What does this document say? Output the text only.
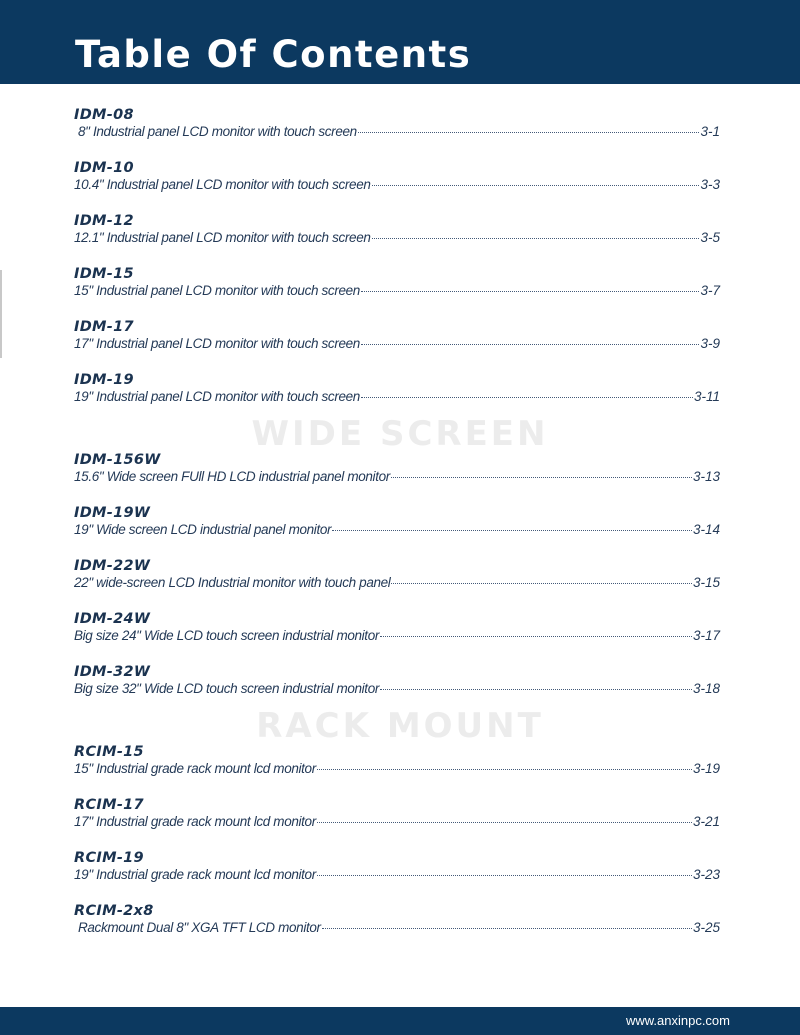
Table Of Contents
IDM-08
8" Industrial panel LCD monitor with touch screen	3-1
IDM-10
10.4" Industrial panel LCD monitor with touch screen	3-3
IDM-12
12.1" Industrial panel LCD monitor with touch screen	3-5
IDM-15
15" Industrial panel LCD monitor with touch screen	3-7
IDM-17
17" Industrial panel LCD monitor with touch screen	3-9
IDM-19
19" Industrial panel LCD monitor with touch screen	3-11
WIDE SCREEN
IDM-156W
15.6" Wide screen FUll HD LCD industrial panel monitor	3-13
IDM-19W
19" Wide screen LCD industrial panel monitor	3-14
IDM-22W
22" wide-screen LCD Industrial monitor with touch panel	3-15
IDM-24W
Big size 24" Wide LCD touch screen industrial monitor	3-17
IDM-32W
Big size 32" Wide LCD touch screen industrial monitor	3-18
RACK MOUNT
RCIM-15
15" Industrial grade rack mount lcd monitor	3-19
RCIM-17
17" Industrial grade rack mount lcd monitor	3-21
RCIM-19
19" Industrial grade rack mount lcd monitor	3-23
RCIM-2x8
Rackmount Dual 8" XGA TFT LCD monitor	3-25
www.anxinpc.com
